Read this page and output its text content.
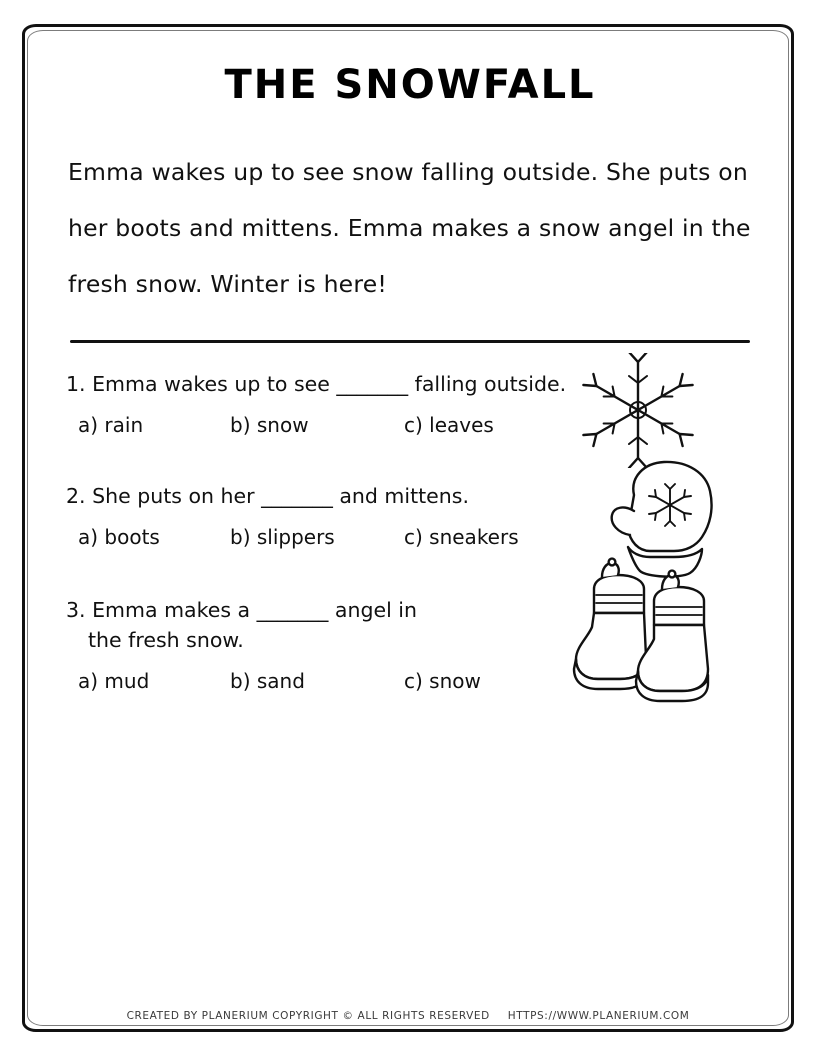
THE SNOWFALL
Emma wakes up to see snow falling outside. She puts on her boots and mittens. Emma makes a snow angel in the fresh snow. Winter is here!
1. Emma wakes up to see _______ falling outside.
a) rain	b) snow	c) leaves
2. She puts on her _______ and mittens.
a) boots	b) slippers	c) sneakers
3. Emma makes a _______ angel in
the fresh snow.
a) mud	b) sand	c) snow
CREATED BY PLANERIUM COPYRIGHT © ALL RIGHTS RESERVED HTTPS://WWW.PLANERIUM.COM
